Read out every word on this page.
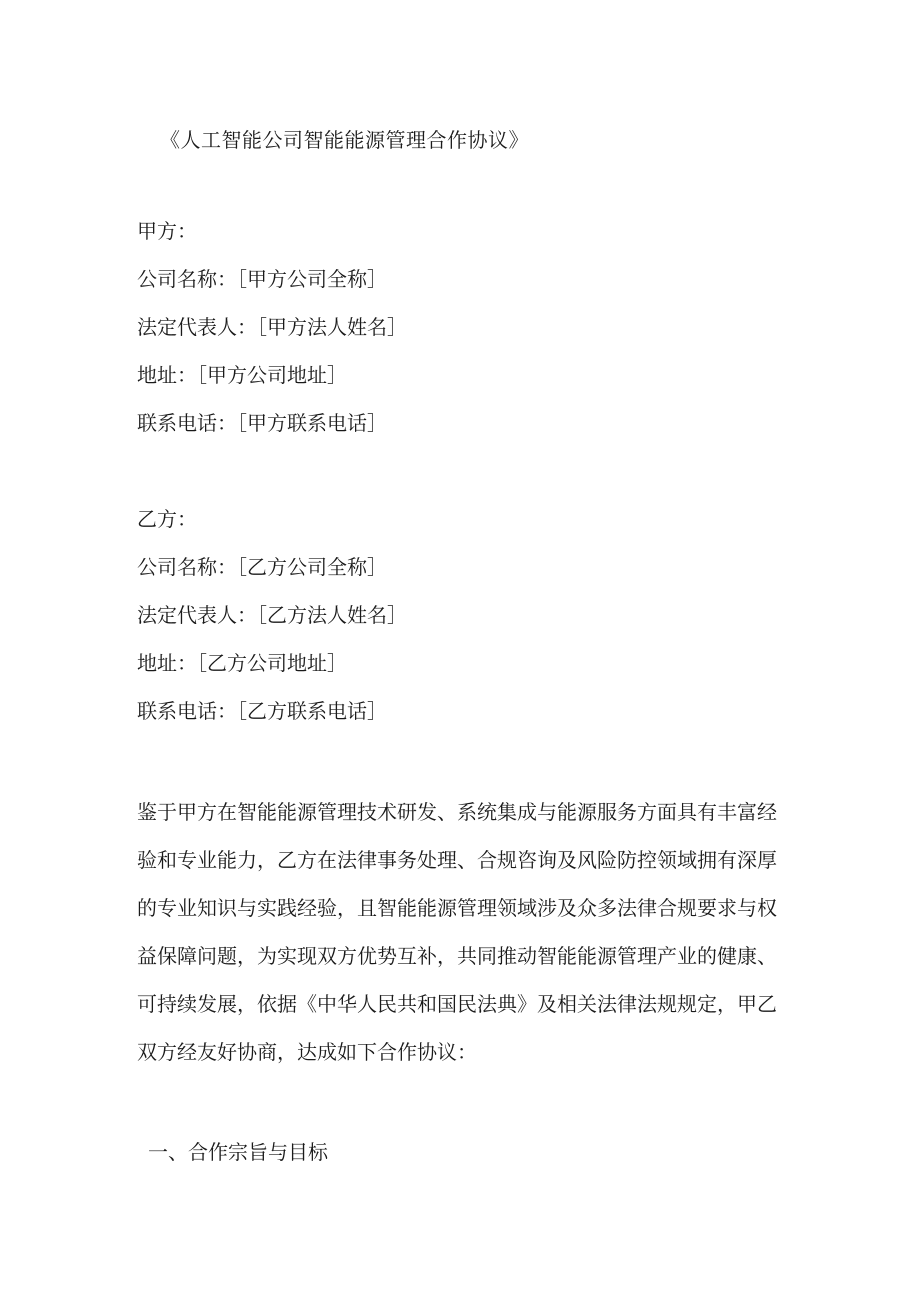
《人工智能公司智能能源管理合作协议》
甲方：
公司名称：［甲方公司全称］
法定代表人：［甲方法人姓名］
地址：［甲方公司地址］
联系电话：［甲方联系电话］
乙方：
公司名称：［乙方公司全称］
法定代表人：［乙方法人姓名］
地址：［乙方公司地址］
联系电话：［乙方联系电话］

鉴于甲方在智能能源管理技术研发、系统集成与能源服务方面具有丰富经

验和专业能力，乙方在法律事务处理、合规咨询及风险防控领域拥有深厚

的专业知识与实践经验，且智能能源管理领域涉及众多法律合规要求与权

益保障问题，为实现双方优势互补，共同推动智能能源管理产业的健康、

可持续发展，依据《中华人民共和国民法典》及相关法律法规规定，甲乙

双方经友好协商，达成如下合作协议：

一、合作宗旨与目标
